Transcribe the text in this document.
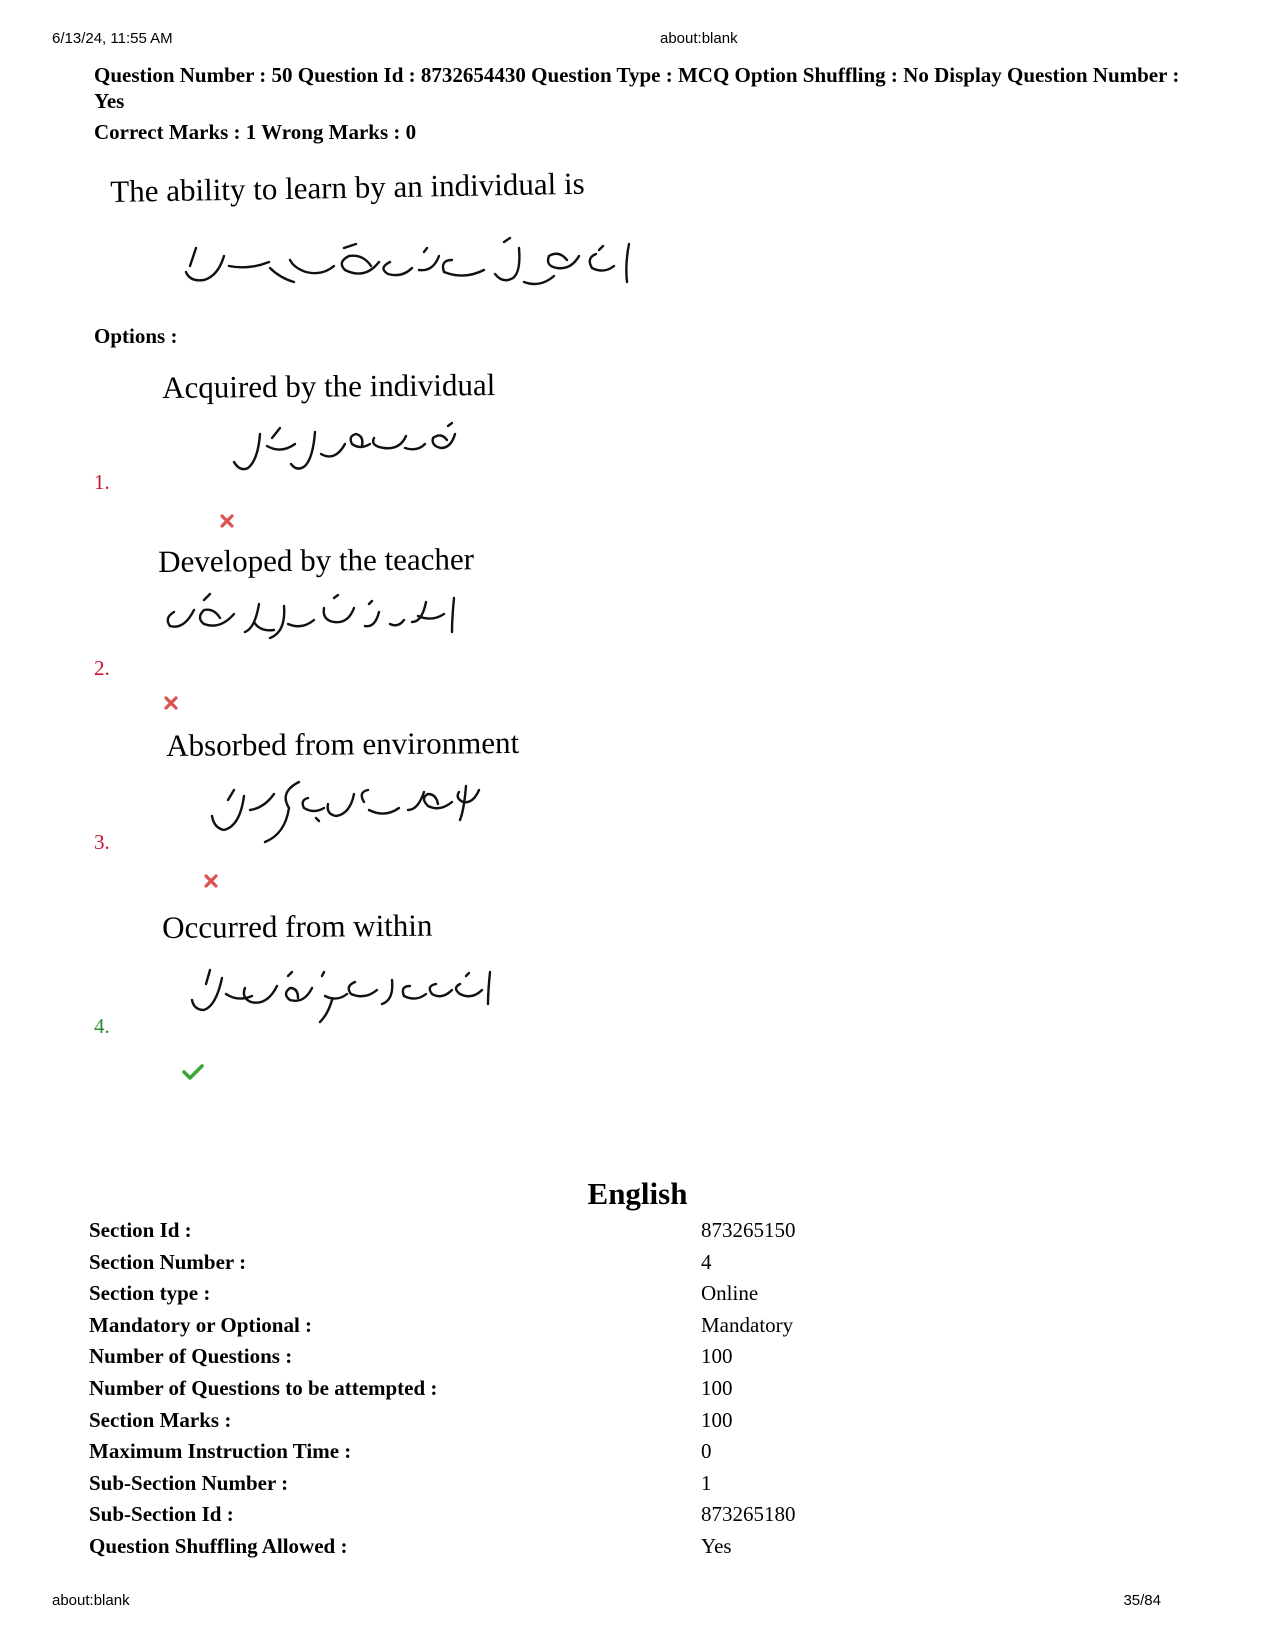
6/13/24, 11:55 AM	about:blank
Question Number : 50 Question Id : 8732654430 Question Type : MCQ Option Shuffling : No Display Question Number : Yes
Correct Marks : 1 Wrong Marks : 0
The ability to learn by an individual is
Options :
Acquired by the individual
1.
Developed by the teacher
2.
Absorbed from environment
3.
Occurred from within
4.
English
Section Id :	873265150
Section Number :	4
Section type :	Online
Mandatory or Optional :	Mandatory
Number of Questions :	100
Number of Questions to be attempted :	100
Section Marks :	100
Maximum Instruction Time :	0
Sub-Section Number :	1
Sub-Section Id :	873265180
Question Shuffling Allowed :	Yes
about:blank	35/84
